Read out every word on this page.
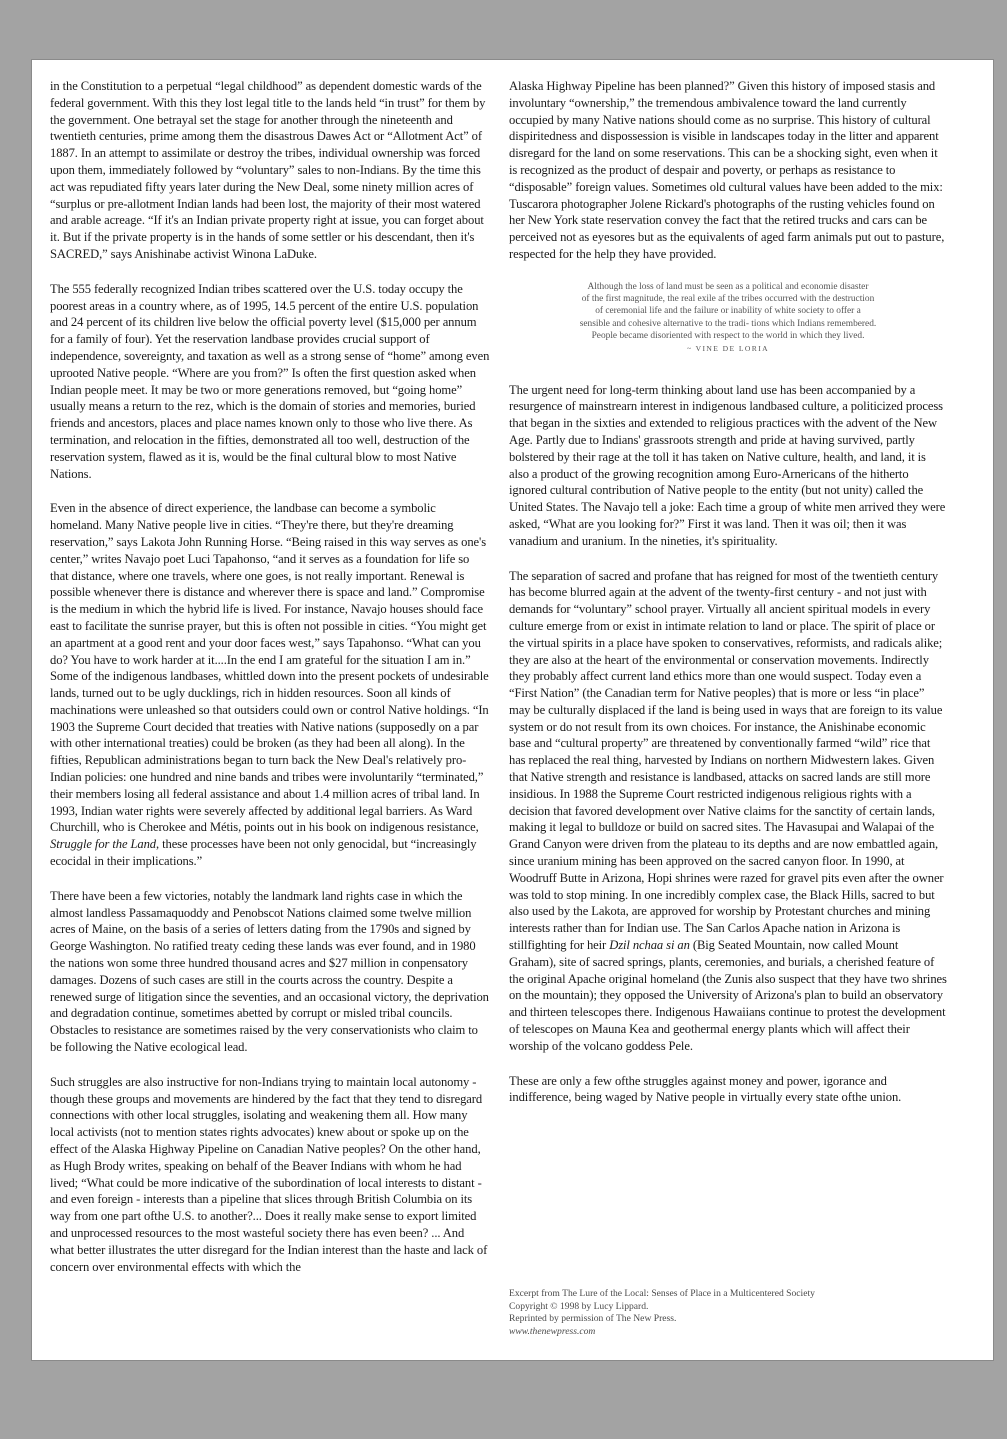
in the Constitution to a perpetual “legal childhood” as dependent domestic wards of the federal government. With this they lost legal title to the lands held “in trust” for them by the government. One betrayal set the stage for another through the nineteenth and twentieth centuries, prime among them the disastrous Dawes Act or “Allotment Act” of 1887. In an attempt to assimilate or destroy the tribes, individual ownership was forced upon them, immediately followed by “voluntary” sales to non-Indians. By the time this act was repudiated fifty years later during the New Deal, some ninety million acres of “surplus or pre-allotment Indian lands had been lost, the majority of their most watered and arable acreage. “If it's an Indian private property right at issue, you can forget about it. But if the private property is in the hands of some settler or his descendant, then it's SACRED,” says Anishinabe activist Winona LaDuke.

The 555 federally recognized Indian tribes scattered over the U.S. today occupy the poorest areas in a country where, as of 1995, 14.5 percent of the entire U.S. population and 24 percent of its children live below the official poverty level ($15,000 per annum for a family of four). Yet the reservation landbase provides crucial support of independence, sovereignty, and taxation as well as a strong sense of “home” among even uprooted Native people. “Where are you from?” Is often the first question asked when Indian people meet. It may be two or more generations removed, but “going home” usually means a return to the rez, which is the domain of stories and memories, buried friends and ancestors, places and place names known only to those who live there. As termination, and relocation in the fifties, demonstrated all too well, destruction of the reservation system, flawed as it is, would be the final cultural blow to most Native Nations.

Even in the absence of direct experience, the landbase can become a symbolic homeland. Many Native people live in cities. “They're there, but they're dreaming reservation,” says Lakota John Running Horse. “Being raised in this way serves as one's center,” writes Navajo poet Luci Tapahonso, “and it serves as a foundation for life so that distance, where one travels, where one goes, is not really important. Renewal is possible whenever there is distance and wherever there is space and land.” Compromise is the medium in which the hybrid life is lived. For instance, Navajo houses should face east to facilitate the sunrise prayer, but this is often not possible in cities. “You might get an apartment at a good rent and your door faces west,” says Tapahonso. “What can you do? You have to work harder at it....In the end I am grateful for the situation I am in.” Some of the indigenous landbases, whittled down into the present pockets of undesirable lands, turned out to be ugly ducklings, rich in hidden resources. Soon all kinds of machinations were unleashed so that outsiders could own or control Native holdings. “In 1903 the Supreme Court decided that treaties with Native nations (supposedly on a par with other international treaties) could be broken (as they had been all along). In the fifties, Republican administrations began to turn back the New Deal's relatively pro-Indian policies: one hundred and nine bands and tribes were involuntarily “terminated,” their members losing all federal assistance and about 1.4 million acres of tribal land. In 1993, Indian water rights were severely affected by additional legal barriers. As Ward Churchill, who is Cherokee and Métis, points out in his book on indigenous resistance, Struggle for the Land, these processes have been not only genocidal, but “increasingly ecocidal in their implications.”

There have been a few victories, notably the landmark land rights case in which the almost landless Passamaquoddy and Penobscot Nations claimed some twelve million acres of Maine, on the basis of a series of letters dating from the 1790s and signed by George Washington. No ratified treaty ceding these lands was ever found, and in 1980 the nations won some three hundred thousand acres and $27 million in conpensatory damages. Dozens of such cases are still in the courts across the country. Despite a renewed surge of litigation since the seventies, and an occasional victory, the deprivation and degradation continue, sometimes abetted by corrupt or misled tribal councils. Obstacles to resistance are sometimes raised by the very conservationists who claim to be following the Native ecological lead.

Such struggles are also instructive for non-Indians trying to maintain local autonomy - though these groups and movements are hindered by the fact that they tend to disregard connections with other local struggles, isolating and weakening them all. How many local activists (not to mention states rights advocates) knew about or spoke up on the effect of the Alaska Highway Pipeline on Canadian Native peoples? On the other hand, as Hugh Brody writes, speaking on behalf of the Beaver Indians with whom he had lived; “What could be more indicative of the subordination of local interests to distant - and even foreign - interests than a pipeline that slices through British Columbia on its way from one part ofthe U.S. to another?... Does it really make sense to export limited and unprocessed resources to the most wasteful society there has even been? ... And what better illustrates the utter disregard for the Indian interest than the haste and lack of concern over environmental effects with which the

Alaska Highway Pipeline has been planned?” Given this history of imposed stasis and involuntary “ownership,” the tremendous ambivalence toward the land currently occupied by many Native nations should come as no surprise. This history of cultural dispiritedness and dispossession is visible in landscapes today in the litter and apparent disregard for the land on some reservations. This can be a shocking sight, even when it is recognized as the product of despair and poverty, or perhaps as resistance to “disposable” foreign values. Sometimes old cultural values have been added to the mix: Tuscarora photographer Jolene Rickard's photographs of the rusting vehicles found on her New York state reservation convey the fact that the retired trucks and cars can be perceived not as eyesores but as the equivalents of aged farm animals put out to pasture, respected for the help they have provided.

Although the loss of land must be seen as a political and economie disaster
of the first magnitude, the real exile af the tribes occurred with the destruction
of ceremonial life and the failure or inability of white society to offer a
sensible and cohesive alternative to the tradi- tions which Indians remembered.
People became disoriented with respect to the world in which they lived.
~ VINE DE LORIA

The urgent need for long-term thinking about land use has been accompanied by a resurgence of mainstrearn interest in indigenous landbased culture, a politicized process that began in the sixties and extended to religious practices with the advent of the New Age. Partly due to Indians' grassroots strength and pride at having survived, partly bolstered by their rage at the toll it has taken on Native culture, health, and land, it is also a product of the growing recognition among Euro-Arnericans of the hitherto ignored cultural contribution of Native people to the entity (but not unity) called the United States. The Navajo tell a joke: Each time a group of white men arrived they were asked, “What are you looking for?” First it was land. Then it was oil; then it was vanadium and uranium. In the nineties, it's spirituality.

The separation of sacred and profane that has reigned for most of the twentieth century has become blurred again at the advent of the twenty-first century - and not just with demands for “voluntary” school prayer. Virtually all ancient spiritual models in every culture emerge from or exist in intimate relation to land or place. The spirit of place or the virtual spirits in a place have spoken to conservatives, reformists, and radicals alike; they are also at the heart of the environmental or conservation movements. Indirectly they probably affect current land ethics more than one would suspect. Today even a “First Nation” (the Canadian term for Native peoples) that is more or less “in place” may be culturally displaced if the land is being used in ways that are foreign to its value system or do not result from its own choices. For instance, the Anishinabe economic base and “cultural property” are threatened by conventionally farmed “wild” rice that has replaced the real thing, harvested by Indians on northern Midwestern lakes. Given that Native strength and resistance is landbased, attacks on sacred lands are still more insidious. In 1988 the Supreme Court restricted indigenous religious rights with a decision that favored development over Native claims for the sanctity of certain lands, making it legal to bulldoze or build on sacred sites. The Havasupai and Walapai of the Grand Canyon were driven from the plateau to its depths and are now embattled again, since uranium mining has been approved on the sacred canyon floor. In 1990, at Woodruff Butte in Arizona, Hopi shrines were razed for gravel pits even after the owner was told to stop mining. In one incredibly complex case, the Black Hills, sacred to but also used by the Lakota, are approved for worship by Protestant churches and mining interests rather than for Indian use. The San Carlos Apache nation in Arizona is stillfighting for heir Dzil nchaa si an (Big Seated Mountain, now called Mount Graham), site of sacred springs, plants, ceremonies, and burials, a cherished feature of the original Apache original homeland (the Zunis also suspect that they have two shrines on the mountain); they opposed the University of Arizona's plan to build an observatory and thirteen telescopes there. Indigenous Hawaiians continue to protest the development of telescopes on Mauna Kea and geothermal energy plants which will affect their worship of the volcano goddess Pele.

These are only a few ofthe struggles against money and power, igorance and indifference, being waged by Native people in virtually every state ofthe union.

Excerpt from The Lure of the Local: Senses of Place in a Multicentered Society
Copyright © 1998 by Lucy Lippard.
Reprinted by permission of The New Press.
www.thenewpress.com
